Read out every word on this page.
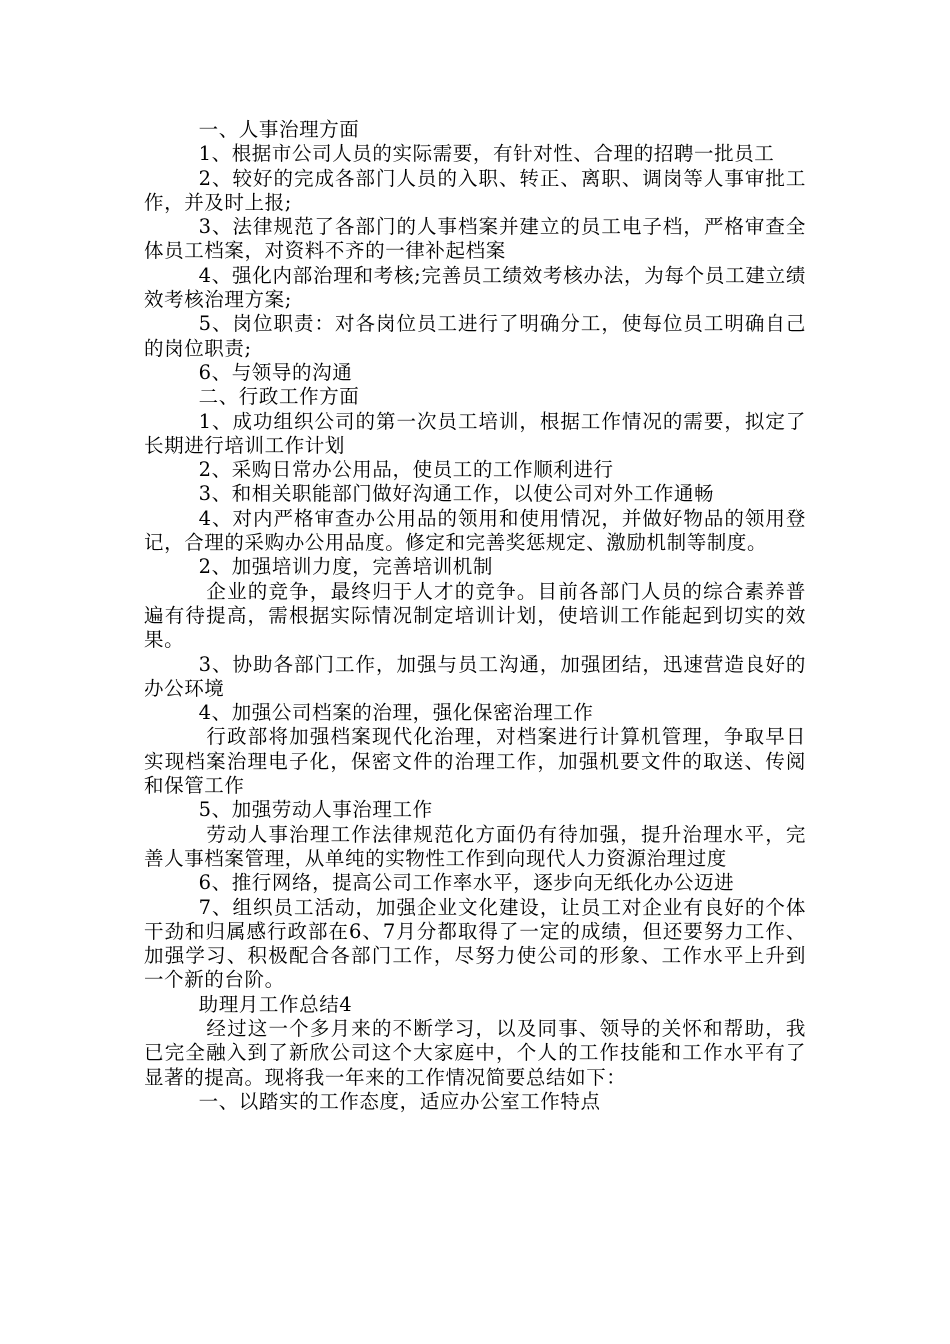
一、人事治理方面

1、根据市公司人员的实际需要，有针对性、合理的招聘一批员工

2、较好的完成各部门人员的入职、转正、离职、调岗等人事审批工作，并及时上报;

3、法律规范了各部门的人事档案并建立的员工电子档，严格审查全体员工档案，对资料不齐的一律补起档案

4、强化内部治理和考核;完善员工绩效考核办法，为每个员工建立绩效考核治理方案;

5、岗位职责：对各岗位员工进行了明确分工，使每位员工明确自己的岗位职责;

6、与领导的沟通

二、行政工作方面

1、成功组织公司的第一次员工培训，根据工作情况的需要，拟定了长期进行培训工作计划

2、采购日常办公用品，使员工的工作顺利进行

3、和相关职能部门做好沟通工作，以使公司对外工作通畅

4、对内严格审查办公用品的领用和使用情况，并做好物品的领用登记，合理的采购办公用品度。修定和完善奖惩规定、激励机制等制度。

2、加强培训力度，完善培训机制

企业的竞争，最终归于人才的竞争。目前各部门人员的综合素养普遍有待提高，需根据实际情况制定培训计划，使培训工作能起到切实的效果。

3、协助各部门工作，加强与员工沟通，加强团结，迅速营造良好的办公环境

4、加强公司档案的治理，强化保密治理工作

行政部将加强档案现代化治理，对档案进行计算机管理，争取早日实现档案治理电子化，保密文件的治理工作，加强机要文件的取送、传阅和保管工作

5、加强劳动人事治理工作

劳动人事治理工作法律规范化方面仍有待加强，提升治理水平，完善人事档案管理，从单纯的实物性工作到向现代人力资源治理过度

6、推行网络，提高公司工作率水平，逐步向无纸化办公迈进

7、组织员工活动，加强企业文化建设，让员工对企业有良好的个体干劲和归属感行政部在6、7月分都取得了一定的成绩，但还要努力工作、加强学习、积极配合各部门工作，尽努力使公司的形象、工作水平上升到一个新的台阶。

助理月工作总结4

经过这一个多月来的不断学习，以及同事、领导的关怀和帮助，我已完全融入到了新欣公司这个大家庭中，个人的工作技能和工作水平有了显著的提高。现将我一年来的工作情况简要总结如下：

一、以踏实的工作态度，适应办公室工作特点
